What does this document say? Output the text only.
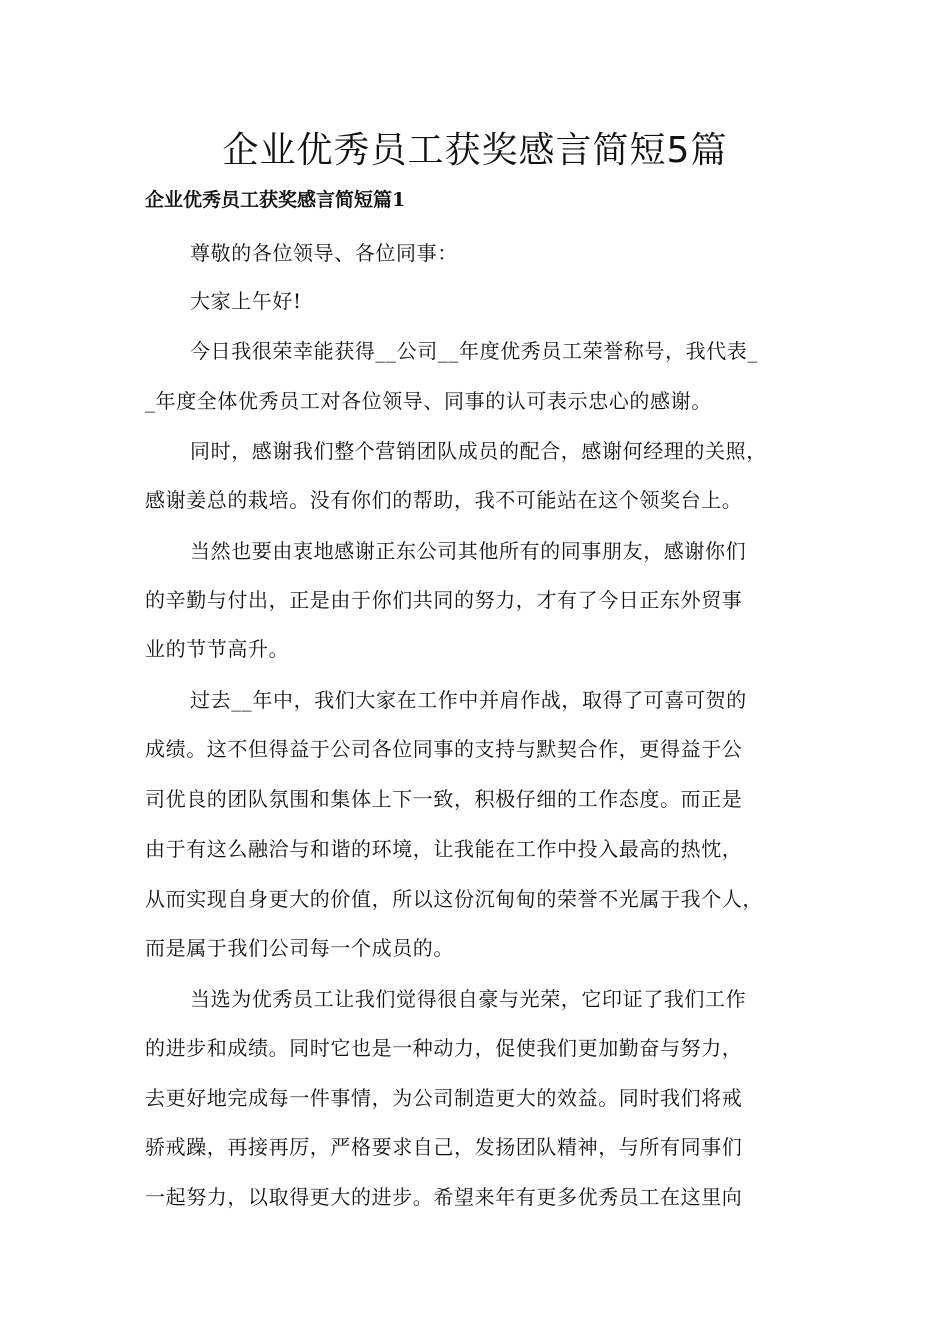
企业优秀员工获奖感言简短5篇
企业优秀员工获奖感言简短篇1
尊敬的各位领导、各位同事：
大家上午好!
今日我很荣幸能获得__公司__年度优秀员工荣誉称号，我代表_
_年度全体优秀员工对各位领导、同事的认可表示忠心的感谢。
同时，感谢我们整个营销团队成员的配合，感谢何经理的关照，
感谢姜总的栽培。没有你们的帮助，我不可能站在这个领奖台上。
当然也要由衷地感谢正东公司其他所有的同事朋友，感谢你们
的辛勤与付出，正是由于你们共同的努力，才有了今日正东外贸事
业的节节高升。
过去__年中，我们大家在工作中并肩作战，取得了可喜可贺的
成绩。这不但得益于公司各位同事的支持与默契合作，更得益于公
司优良的团队氛围和集体上下一致，积极仔细的工作态度。而正是
由于有这么融洽与和谐的环境，让我能在工作中投入最高的热忱，
从而实现自身更大的价值，所以这份沉甸甸的荣誉不光属于我个人，
而是属于我们公司每一个成员的。
当选为优秀员工让我们觉得很自豪与光荣，它印证了我们工作
的进步和成绩。同时它也是一种动力，促使我们更加勤奋与努力，
去更好地完成每一件事情，为公司制造更大的效益。同时我们将戒
骄戒躁，再接再厉，严格要求自己，发扬团队精神，与所有同事们
一起努力，以取得更大的进步。希望来年有更多优秀员工在这里向
